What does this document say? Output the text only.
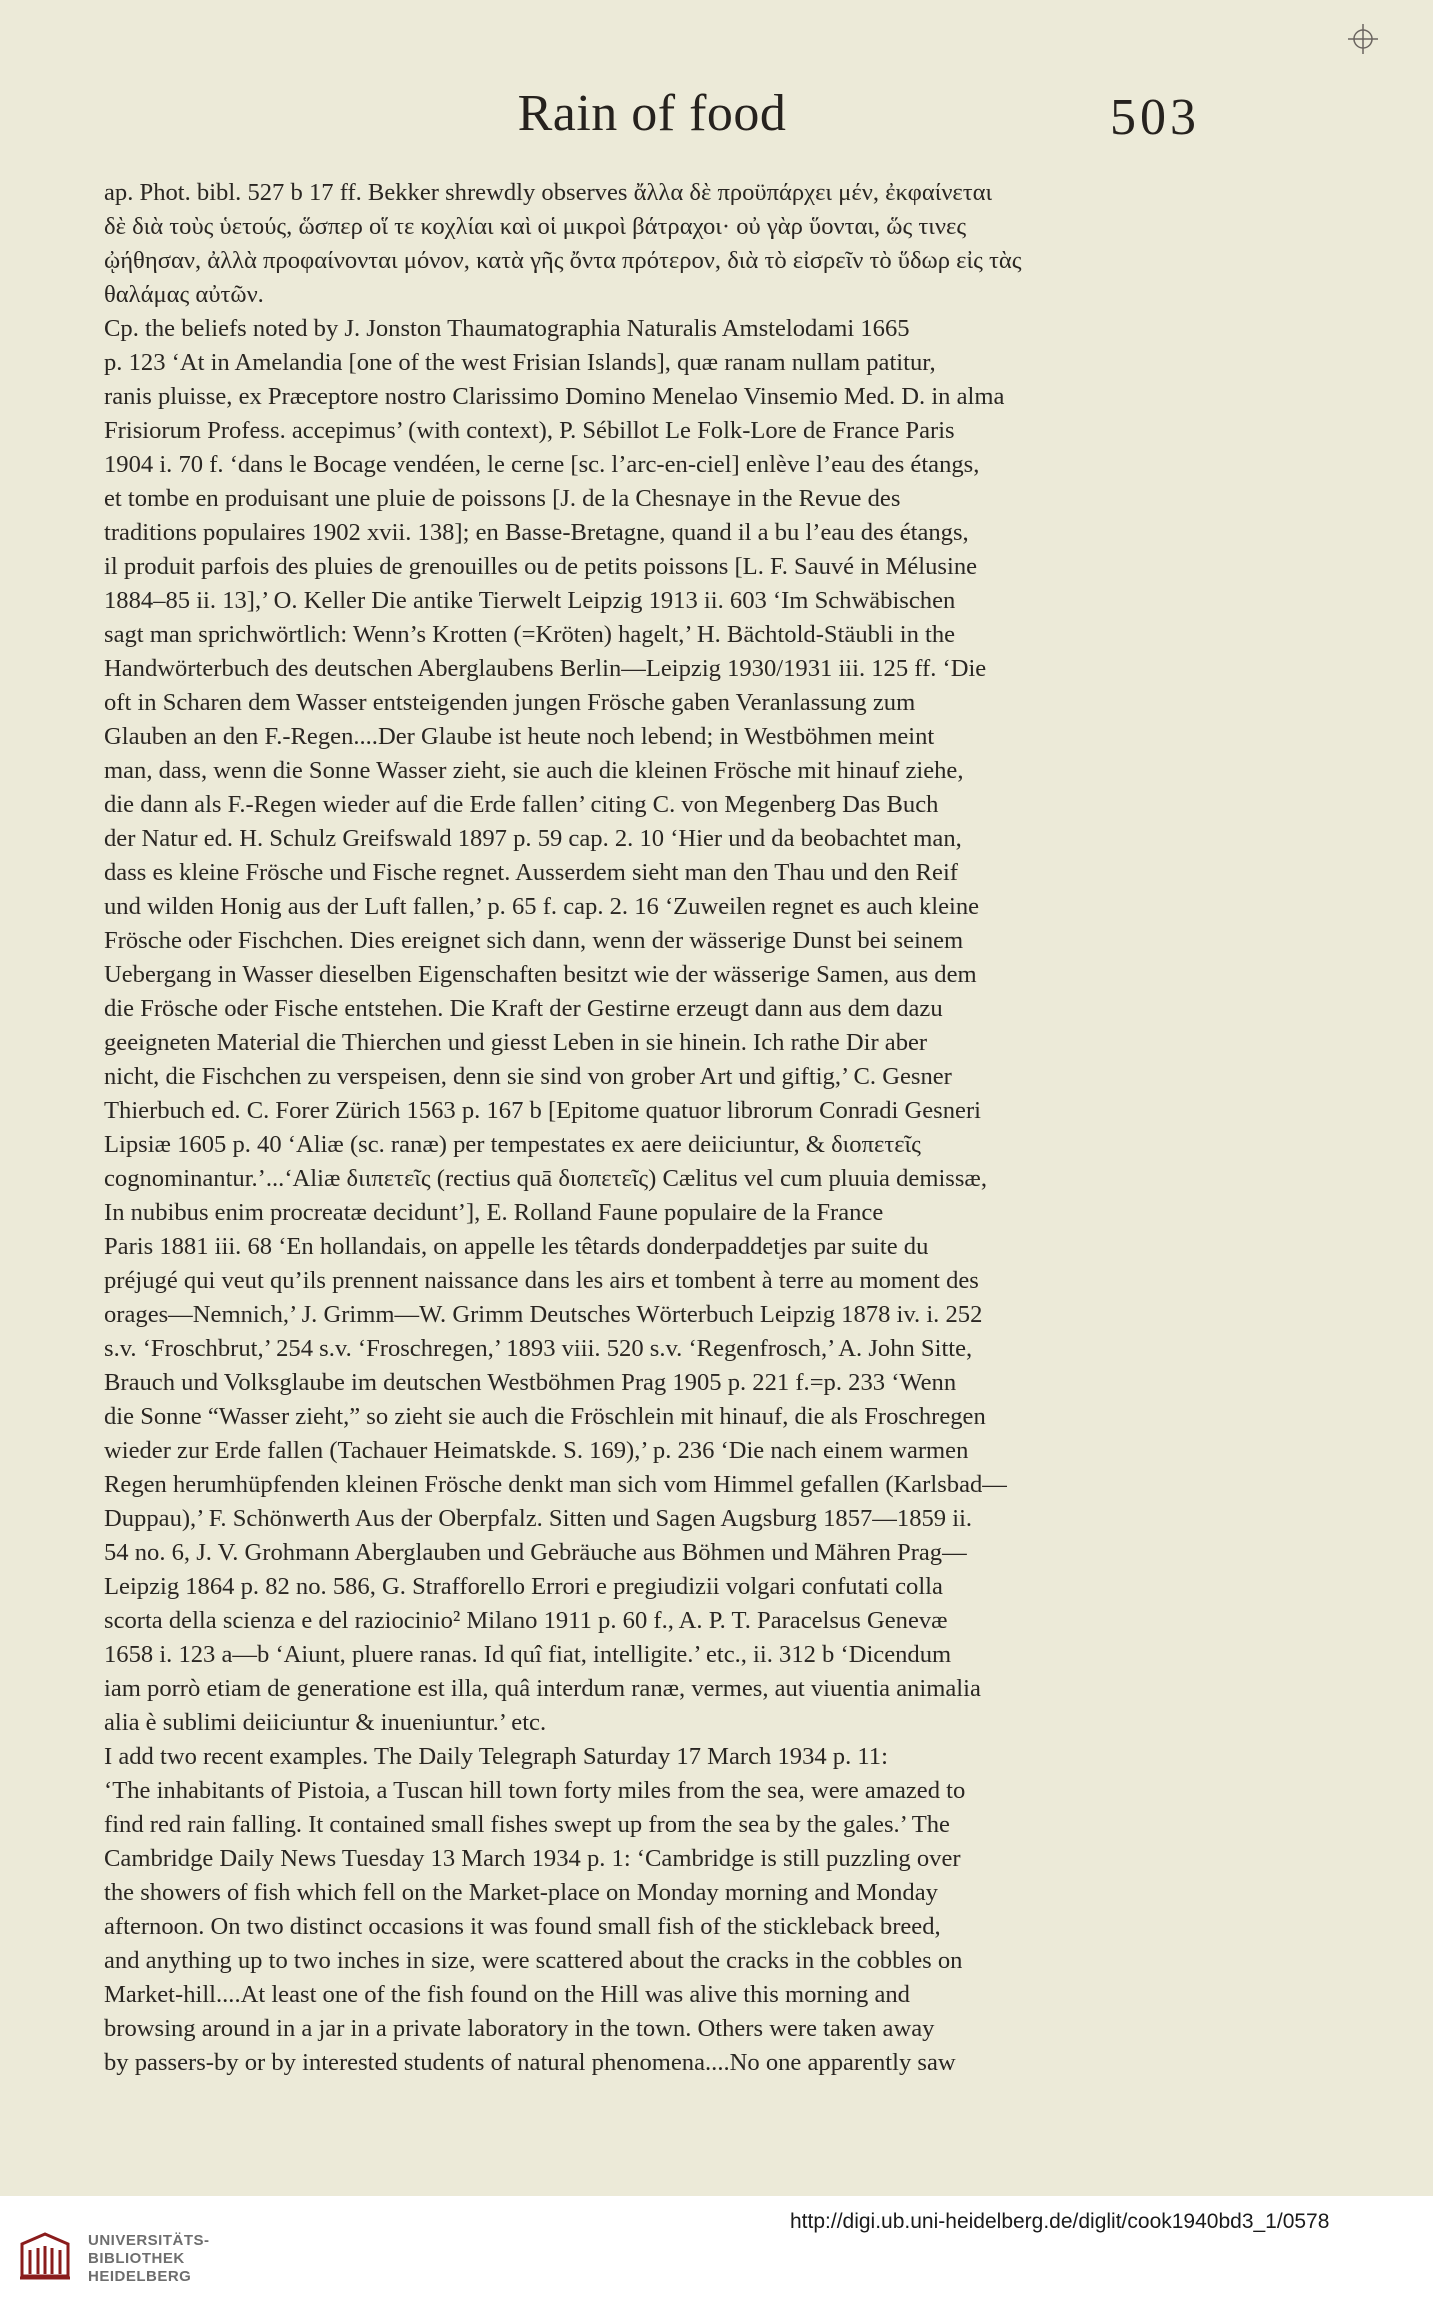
Rain of food	503
ap. Phot. bibl. 527 b 17 ff. Bekker shrewdly observes ἄλλα δὲ προϋπάρχει μέν, ἐκφαίνεται
δὲ διὰ τοὺς ὑετούς, ὥσπερ οἵ τε κοχλίαι καὶ οἱ μικροὶ βάτραχοι· οὐ γὰρ ὕονται, ὥς τινες
ᾠήθησαν, ἀλλὰ προφαίνονται μόνον, κατὰ γῆς ὄντα πρότερον, διὰ τὸ εἰσρεῖν τὸ ὕδωρ εἰς τὰς
θαλάμας αὐτῶν.
Cp. the beliefs noted by J. Jonston Thaumatographia Naturalis Amstelodami 1665
p. 123 ‘At in Amelandia [one of the west Frisian Islands], quæ ranam nullam patitur,
ranis pluisse, ex Præceptore nostro Clarissimo Domino Menelao Vinsemio Med. D. in alma
Frisiorum Profess. accepimus’ (with context), P. Sébillot Le Folk-Lore de France Paris
1904 i. 70 f. ‘dans le Bocage vendéen, le cerne [sc. l’arc-en-ciel] enlève l’eau des étangs,
et tombe en produisant une pluie de poissons [J. de la Chesnaye in the Revue des
traditions populaires 1902 xvii. 138]; en Basse-Bretagne, quand il a bu l’eau des étangs,
il produit parfois des pluies de grenouilles ou de petits poissons [L. F. Sauvé in Mélusine
1884–85 ii. 13],’ O. Keller Die antike Tierwelt Leipzig 1913 ii. 603 ‘Im Schwäbischen
sagt man sprichwörtlich: Wenn’s Krotten (=Kröten) hagelt,’ H. Bächtold-Stäubli in the
Handwörterbuch des deutschen Aberglaubens Berlin—Leipzig 1930/1931 iii. 125 ff. ‘Die
oft in Scharen dem Wasser entsteigenden jungen Frösche gaben Veranlassung zum
Glauben an den F.-Regen....Der Glaube ist heute noch lebend; in Westböhmen meint
man, dass, wenn die Sonne Wasser zieht, sie auch die kleinen Frösche mit hinauf ziehe,
die dann als F.-Regen wieder auf die Erde fallen’ citing C. von Megenberg Das Buch
der Natur ed. H. Schulz Greifswald 1897 p. 59 cap. 2. 10 ‘Hier und da beobachtet man,
dass es kleine Frösche und Fische regnet. Ausserdem sieht man den Thau und den Reif
und wilden Honig aus der Luft fallen,’ p. 65 f. cap. 2. 16 ‘Zuweilen regnet es auch kleine
Frösche oder Fischchen. Dies ereignet sich dann, wenn der wässerige Dunst bei seinem
Uebergang in Wasser dieselben Eigenschaften besitzt wie der wässerige Samen, aus dem
die Frösche oder Fische entstehen. Die Kraft der Gestirne erzeugt dann aus dem dazu
geeigneten Material die Thierchen und giesst Leben in sie hinein. Ich rathe Dir aber
nicht, die Fischchen zu verspeisen, denn sie sind von grober Art und giftig,’ C. Gesner
Thierbuch ed. C. Forer Zürich 1563 p. 167 b [Epitome quatuor librorum Conradi Gesneri
Lipsiæ 1605 p. 40 ‘Aliæ (sc. ranæ) per tempestates ex aere deiiciuntur, & διοπετεῖς
cognominantur.’...‘Aliæ διιπετεῖς (rectius quā διοπετεῖς) Cælitus vel cum pluuia demissæ,
In nubibus enim procreatæ decidunt’], E. Rolland Faune populaire de la France
Paris 1881 iii. 68 ‘En hollandais, on appelle les têtards donderpaddetjes par suite du
préjugé qui veut qu’ils prennent naissance dans les airs et tombent à terre au moment des
orages—Nemnich,’ J. Grimm—W. Grimm Deutsches Wörterbuch Leipzig 1878 iv. i. 252
s.v. ‘Froschbrut,’ 254 s.v. ‘Froschregen,’ 1893 viii. 520 s.v. ‘Regenfrosch,’ A. John Sitte,
Brauch und Volksglaube im deutschen Westböhmen Prag 1905 p. 221 f.=p. 233 ‘Wenn
die Sonne “Wasser zieht,” so zieht sie auch die Fröschlein mit hinauf, die als Froschregen
wieder zur Erde fallen (Tachauer Heimatskde. S. 169),’ p. 236 ‘Die nach einem warmen
Regen herumhüpfenden kleinen Frösche denkt man sich vom Himmel gefallen (Karlsbad—
Duppau),’ F. Schönwerth Aus der Oberpfalz. Sitten und Sagen Augsburg 1857—1859 ii.
54 no. 6, J. V. Grohmann Aberglauben und Gebräuche aus Böhmen und Mähren Prag—
Leipzig 1864 p. 82 no. 586, G. Strafforello Errori e pregiudizii volgari confutati colla
scorta della scienza e del raziocinio² Milano 1911 p. 60 f., A. P. T. Paracelsus Genevæ
1658 i. 123 a—b ‘Aiunt, pluere ranas. Id quî fiat, intelligite.’ etc., ii. 312 b ‘Dicendum
iam porrò etiam de generatione est illa, quâ interdum ranæ, vermes, aut viuentia animalia
alia è sublimi deiiciuntur & inueniuntur.’ etc.
I add two recent examples. The Daily Telegraph Saturday 17 March 1934 p. 11:
‘The inhabitants of Pistoia, a Tuscan hill town forty miles from the sea, were amazed to
find red rain falling. It contained small fishes swept up from the sea by the gales.’ The
Cambridge Daily News Tuesday 13 March 1934 p. 1: ‘Cambridge is still puzzling over
the showers of fish which fell on the Market-place on Monday morning and Monday
afternoon. On two distinct occasions it was found small fish of the stickleback breed,
and anything up to two inches in size, were scattered about the cracks in the cobbles on
Market-hill....At least one of the fish found on the Hill was alive this morning and
browsing around in a jar in a private laboratory in the town. Others were taken away
by passers-by or by interested students of natural phenomena....No one apparently saw
UNIVERSITÄTS-
BIBLIOTHEK
HEIDELBERG
http://digi.ub.uni-heidelberg.de/diglit/cook1940bd3_1/0578
